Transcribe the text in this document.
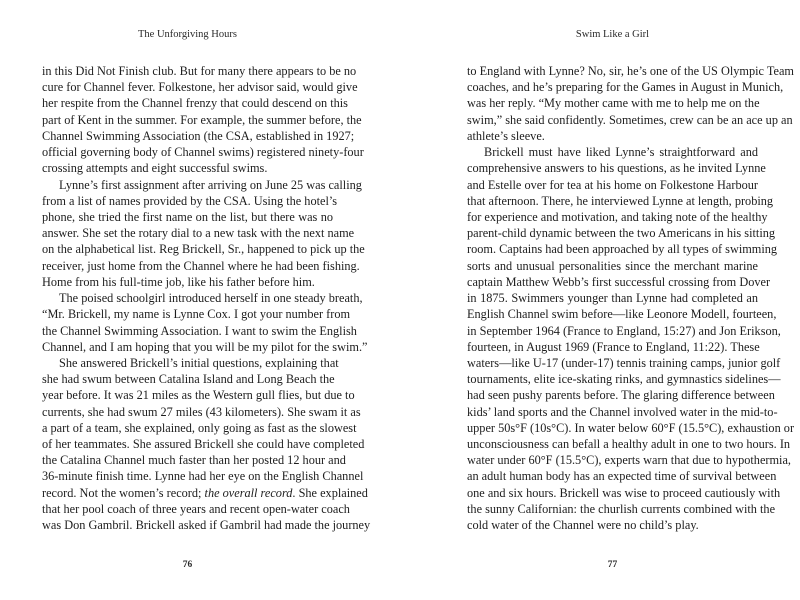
The Unforgiving Hours
in this Did Not Finish club. But for many there appears to be no
cure for Channel fever. Folkestone, her advisor said, would give
her respite from the Channel frenzy that could descend on this
part of Kent in the summer. For example, the summer before, the
Channel Swimming Association (the CSA, established in 1927;
official governing body of Channel swims) registered ninety-four
crossing attempts and eight successful swims.
Lynne’s first assignment after arriving on June 25 was calling
from a list of names provided by the CSA. Using the hotel’s
phone, she tried the first name on the list, but there was no
answer. She set the rotary dial to a new task with the next name
on the alphabetical list. Reg Brickell, Sr., happened to pick up the
receiver, just home from the Channel where he had been fishing.
Home from his full-time job, like his father before him.
The poised schoolgirl introduced herself in one steady breath,
“Mr. Brickell, my name is Lynne Cox. I got your number from
the Channel Swimming Association. I want to swim the English
Channel, and I am hoping that you will be my pilot for the swim.”
She answered Brickell’s initial questions, explaining that
she had swum between Catalina Island and Long Beach the
year before. It was 21 miles as the Western gull flies, but due to
currents, she had swum 27 miles (43 kilometers). She swam it as
a part of a team, she explained, only going as fast as the slowest
of her teammates. She assured Brickell she could have completed
the Catalina Channel much faster than her posted 12 hour and
36-minute finish time. Lynne had her eye on the English Channel
record. Not the women’s record; the overall record. She explained
that her pool coach of three years and recent open-water coach
was Don Gambril. Brickell asked if Gambril had made the journey
76
Swim Like a Girl
to England with Lynne? No, sir, he’s one of the US Olympic Team
coaches, and he’s preparing for the Games in August in Munich,
was her reply. “My mother came with me to help me on the
swim,” she said confidently. Sometimes, crew can be an ace up an
athlete’s sleeve.
Brickell must have liked Lynne’s straightforward and
comprehensive answers to his questions, as he invited Lynne
and Estelle over for tea at his home on Folkestone Harbour
that afternoon. There, he interviewed Lynne at length, probing
for experience and motivation, and taking note of the healthy
parent-child dynamic between the two Americans in his sitting
room. Captains had been approached by all types of swimming
sorts and unusual personalities since the merchant marine
captain Matthew Webb’s first successful crossing from Dover
in 1875. Swimmers younger than Lynne had completed an
English Channel swim before—like Leonore Modell, fourteen,
in September 1964 (France to England, 15:27) and Jon Erikson,
fourteen, in August 1969 (France to England, 11:22). These
waters—like U-17 (under-17) tennis training camps, junior golf
tournaments, elite ice-skating rinks, and gymnastics sidelines—
had seen pushy parents before. The glaring difference between
kids’ land sports and the Channel involved water in the mid-to-
upper 50s°F (10s°C). In water below 60°F (15.5°C), exhaustion or
unconsciousness can befall a healthy adult in one to two hours. In
water under 60°F (15.5°C), experts warn that due to hypothermia,
an adult human body has an expected time of survival between
one and six hours. Brickell was wise to proceed cautiously with
the sunny Californian: the churlish currents combined with the
cold water of the Channel were no child’s play.
77
